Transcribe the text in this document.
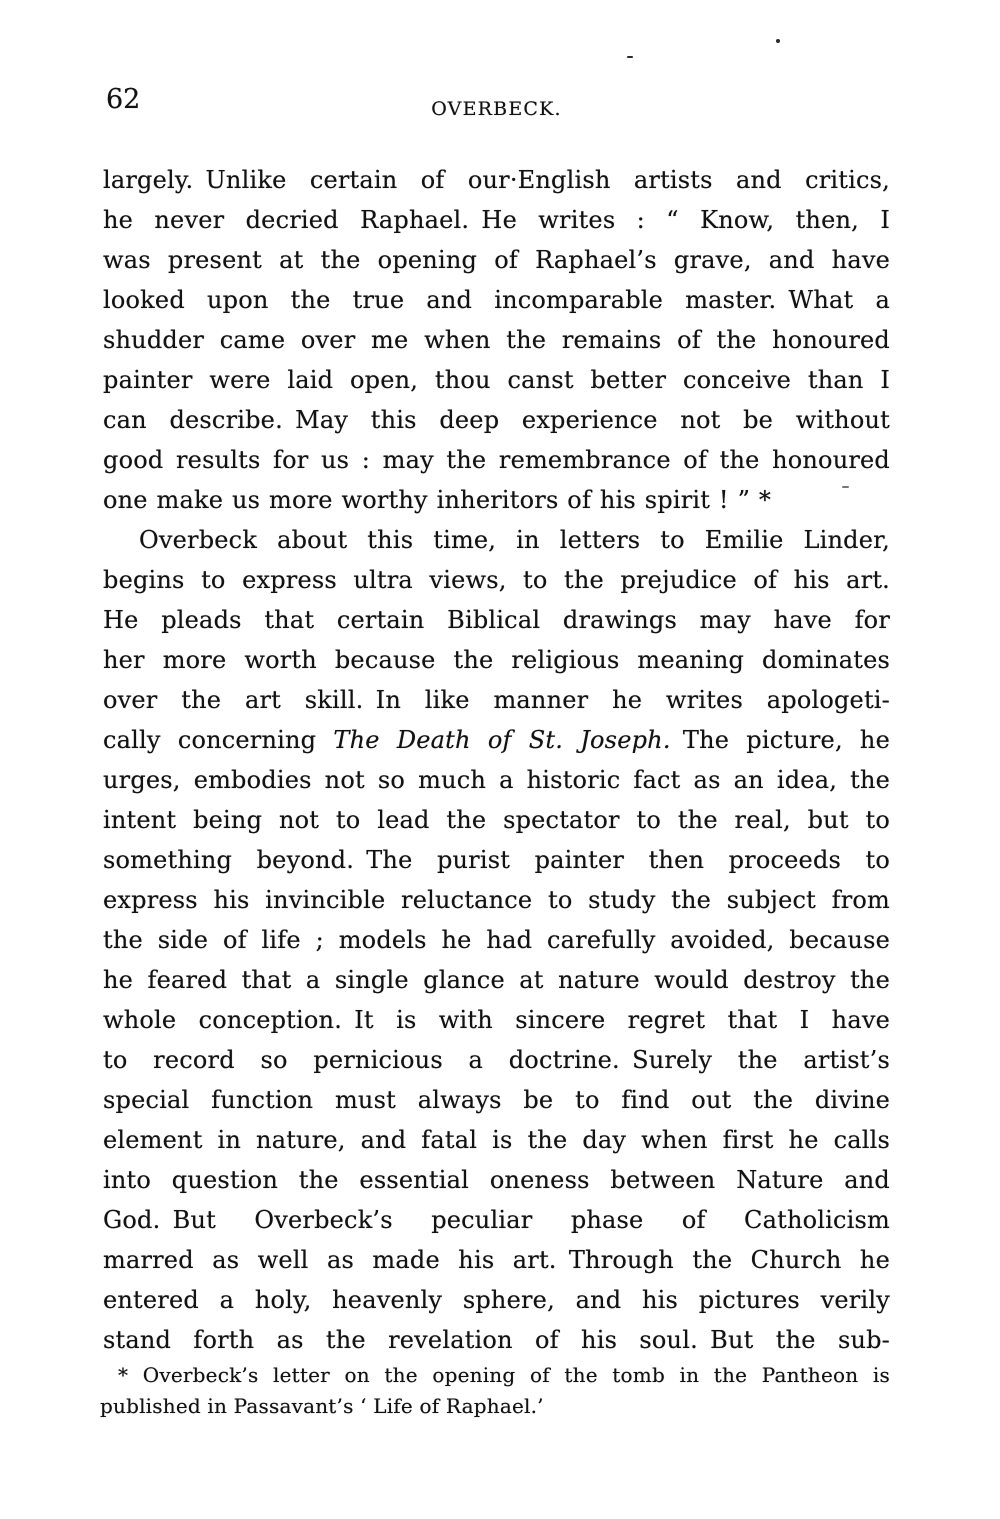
62	OVERBECK.
largely. Unlike certain of our·English artists and critics,
he never decried Raphael. He writes : “ Know, then, I
was present at the opening of Raphael’s grave, and have
looked upon the true and incomparable master. What a
shudder came over me when the remains of the honoured
painter were laid open, thou canst better conceive than I
can describe. May this deep experience not be without
good results for us : may the remembrance of the honoured
one make us more worthy inheritors of his spirit ! ” *
Overbeck about this time, in letters to Emilie Linder,
begins to express ultra views, to the prejudice of his art.
He pleads that certain Biblical drawings may have for
her more worth because the religious meaning dominates
over the art skill. In like manner he writes apologeti-
cally concerning The Death of St. Joseph. The picture, he
urges, embodies not so much a historic fact as an idea, the
intent being not to lead the spectator to the real, but to
something beyond. The purist painter then proceeds to
express his invincible reluctance to study the subject from
the side of life ; models he had carefully avoided, because
he feared that a single glance at nature would destroy the
whole conception. It is with sincere regret that I have
to record so pernicious a doctrine. Surely the artist’s
special function must always be to find out the divine
element in nature, and fatal is the day when first he calls
into question the essential oneness between Nature and
God. But Overbeck’s peculiar phase of Catholicism
marred as well as made his art. Through the Church he
entered a holy, heavenly sphere, and his pictures verily
stand forth as the revelation of his soul. But the sub-
* Overbeck’s letter on the opening of the tomb in the Pantheon is
published in Passavant’s ‘ Life of Raphael.’
